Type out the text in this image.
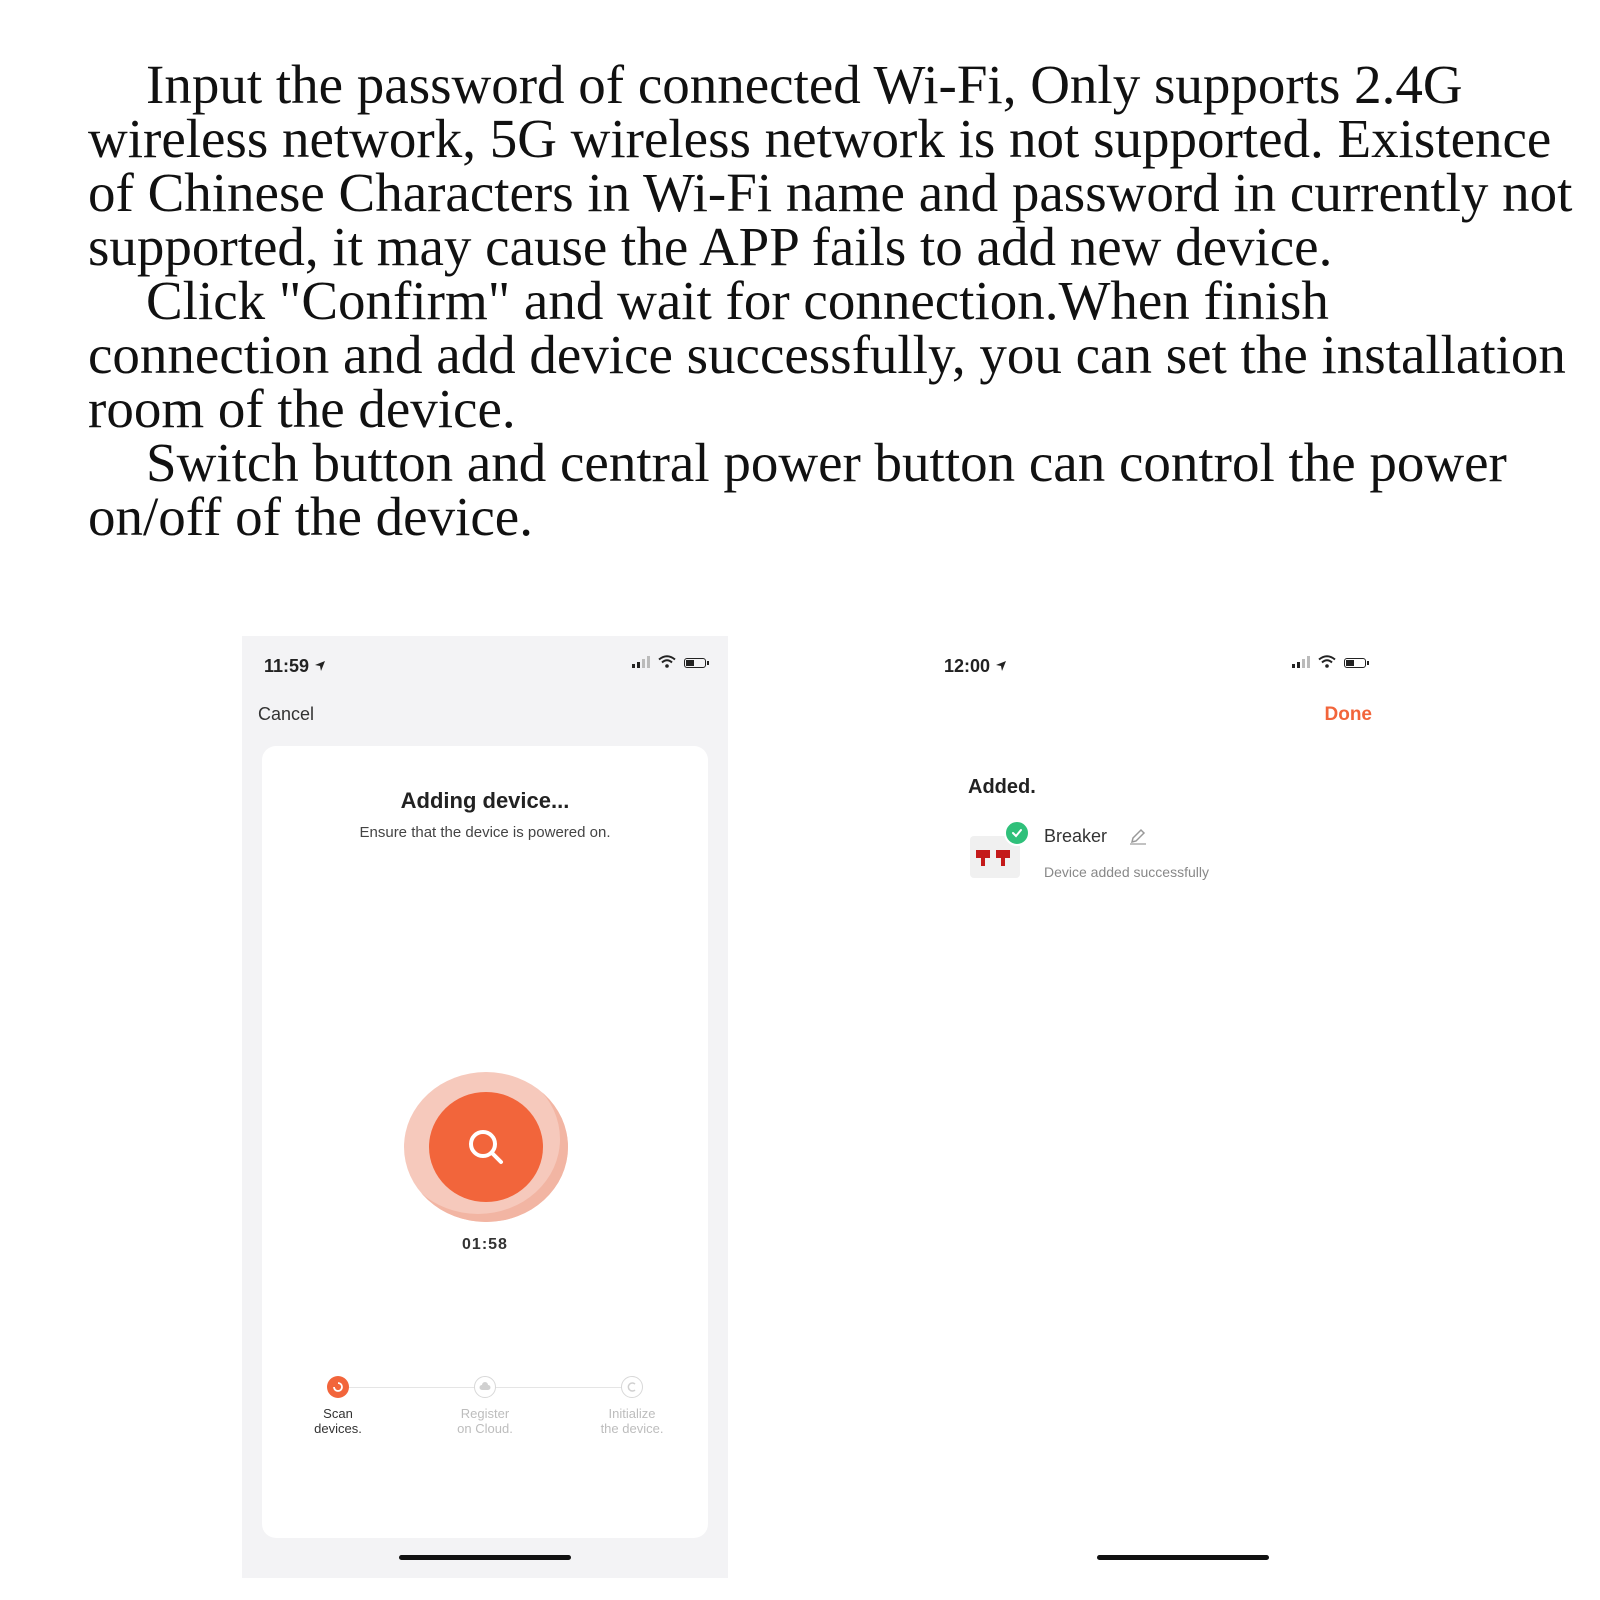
Input the password of connected Wi-Fi, Only supports 2.4G wireless network, 5G wireless network is not supported. Existence of Chinese Characters in Wi-Fi name and password in currently not supported, it may cause the APP fails to add new device.

Click "Confirm" and wait for connection.When finish connection and add device successfully, you can set the installation room of the device.

Switch button and central power button can control the power on/off of the device.

11:59
Cancel
Adding device...
Ensure that the device is powered on.
01:58
Scan
devices.
Register
on Cloud.
Initialize
the device.
12:00
Done
Added.
Breaker
Device added successfully
